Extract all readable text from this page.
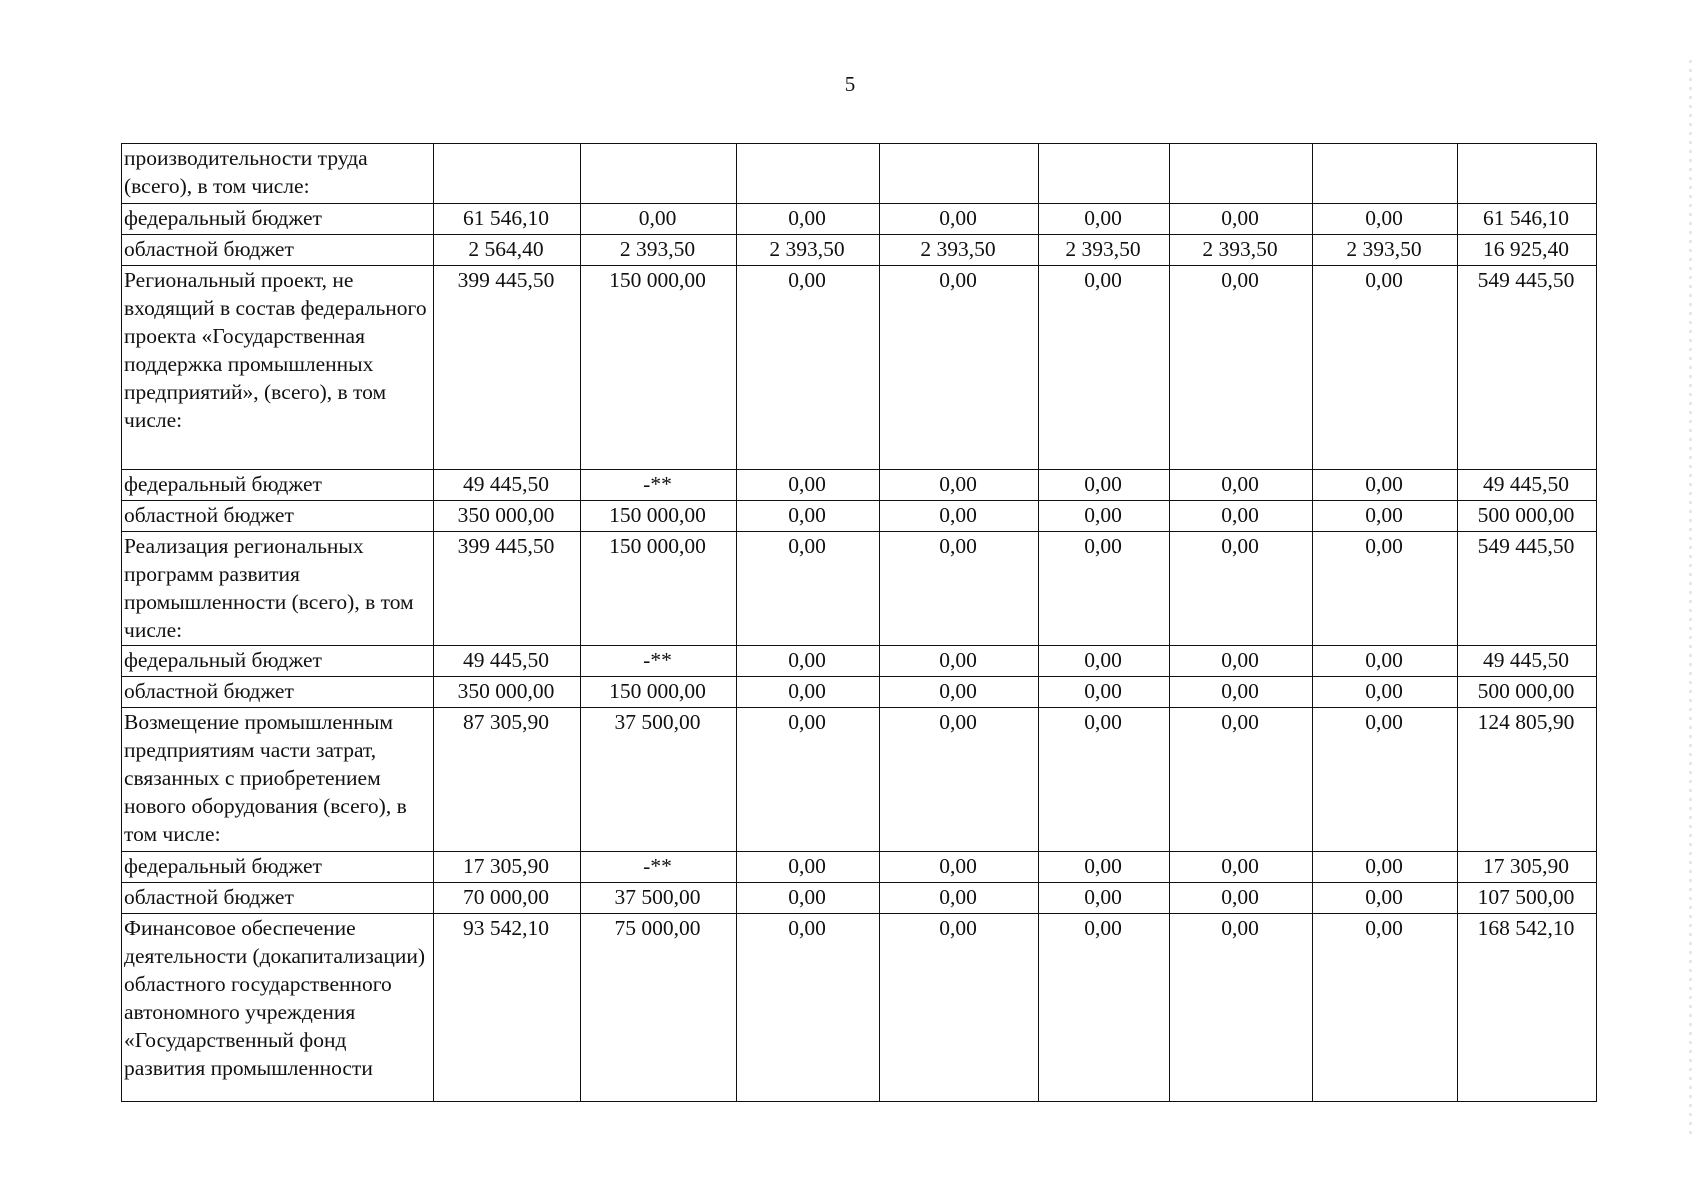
5
производительности труда (всего), в том числе:								
федеральный бюджет	61 546,10	0,00	0,00	0,00	0,00	0,00	0,00	61 546,10
областной бюджет	2 564,40	2 393,50	2 393,50	2 393,50	2 393,50	2 393,50	2 393,50	16 925,40
Региональный проект, не входящий в состав федерального проекта «Государственная поддержка промышленных предприятий», (всего), в том числе:	399 445,50	150 000,00	0,00	0,00	0,00	0,00	0,00	549 445,50
федеральный бюджет	49 445,50	-**	0,00	0,00	0,00	0,00	0,00	49 445,50
областной бюджет	350 000,00	150 000,00	0,00	0,00	0,00	0,00	0,00	500 000,00
Реализация региональных программ развития промышленности (всего), в том числе:	399 445,50	150 000,00	0,00	0,00	0,00	0,00	0,00	549 445,50
федеральный бюджет	49 445,50	-**	0,00	0,00	0,00	0,00	0,00	49 445,50
областной бюджет	350 000,00	150 000,00	0,00	0,00	0,00	0,00	0,00	500 000,00
Возмещение промышленным предприятиям части затрат, связанных с приобретением нового оборудования (всего), в том числе:	87 305,90	37 500,00	0,00	0,00	0,00	0,00	0,00	124 805,90
федеральный бюджет	17 305,90	-**	0,00	0,00	0,00	0,00	0,00	17 305,90
областной бюджет	70 000,00	37 500,00	0,00	0,00	0,00	0,00	0,00	107 500,00
Финансовое обеспечение деятельности (докапитализации) областного государственного автономного учреждения «Государственный фонд развития промышленности	93 542,10	75 000,00	0,00	0,00	0,00	0,00	0,00	168 542,10
